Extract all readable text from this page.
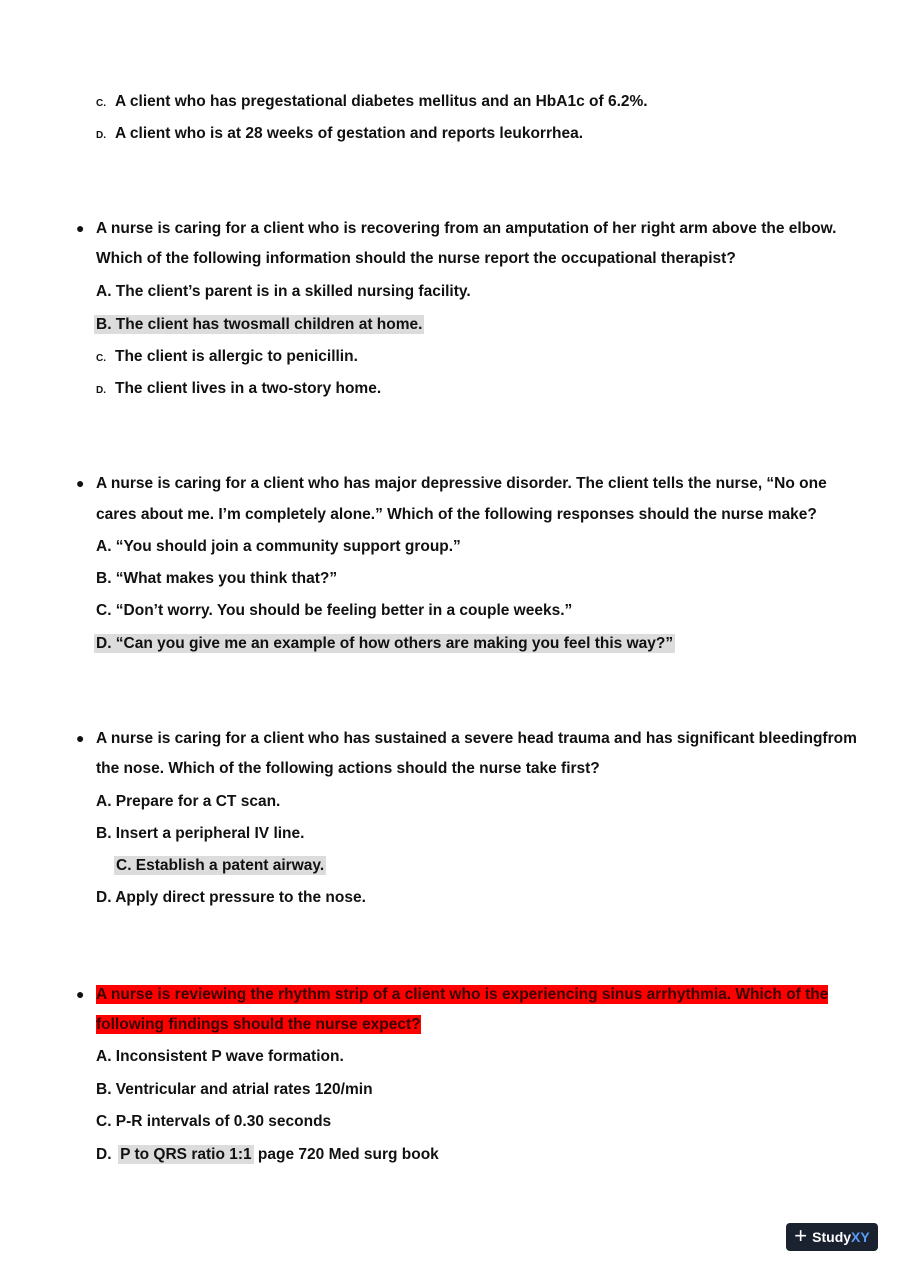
C. A client who has pregestational diabetes mellitus and an HbA1c of 6.2%.
D. A client who is at 28 weeks of gestation and reports leukorrhea.
● A nurse is caring for a client who is recovering from an amputation of her right arm above the elbow.
Which of the following information should the nurse report the occupational therapist?
A. The client’s parent is in a skilled nursing facility.
B. The client has twosmall children at home.
C. The client is allergic to penicillin.
D. The client lives in a two-story home.
● A nurse is caring for a client who has major depressive disorder. The client tells the nurse, “No one
cares about me. I’m completely alone.” Which of the following responses should the nurse make?
A. “You should join a community support group.”
B. “What makes you think that?”
C. “Don’t worry. You should be feeling better in a couple weeks.”
D. “Can you give me an example of how others are making you feel this way?”
● A nurse is caring for a client who has sustained a severe head trauma and has significant bleedingfrom
the nose. Which of the following actions should the nurse take first?
A. Prepare for a CT scan.
B. Insert a peripheral IV line.
C. Establish a patent airway.
D. Apply direct pressure to the nose.
● A nurse is reviewing the rhythm strip of a client who is experiencing sinus arrhythmia. Which of the
following findings should the nurse expect?
A. Inconsistent P wave formation.
B. Ventricular and atrial rates 120/min
C. P-R intervals of 0.30 seconds
D. P to QRS ratio 1:1 page 720 Med surg book
+ StudyXY
